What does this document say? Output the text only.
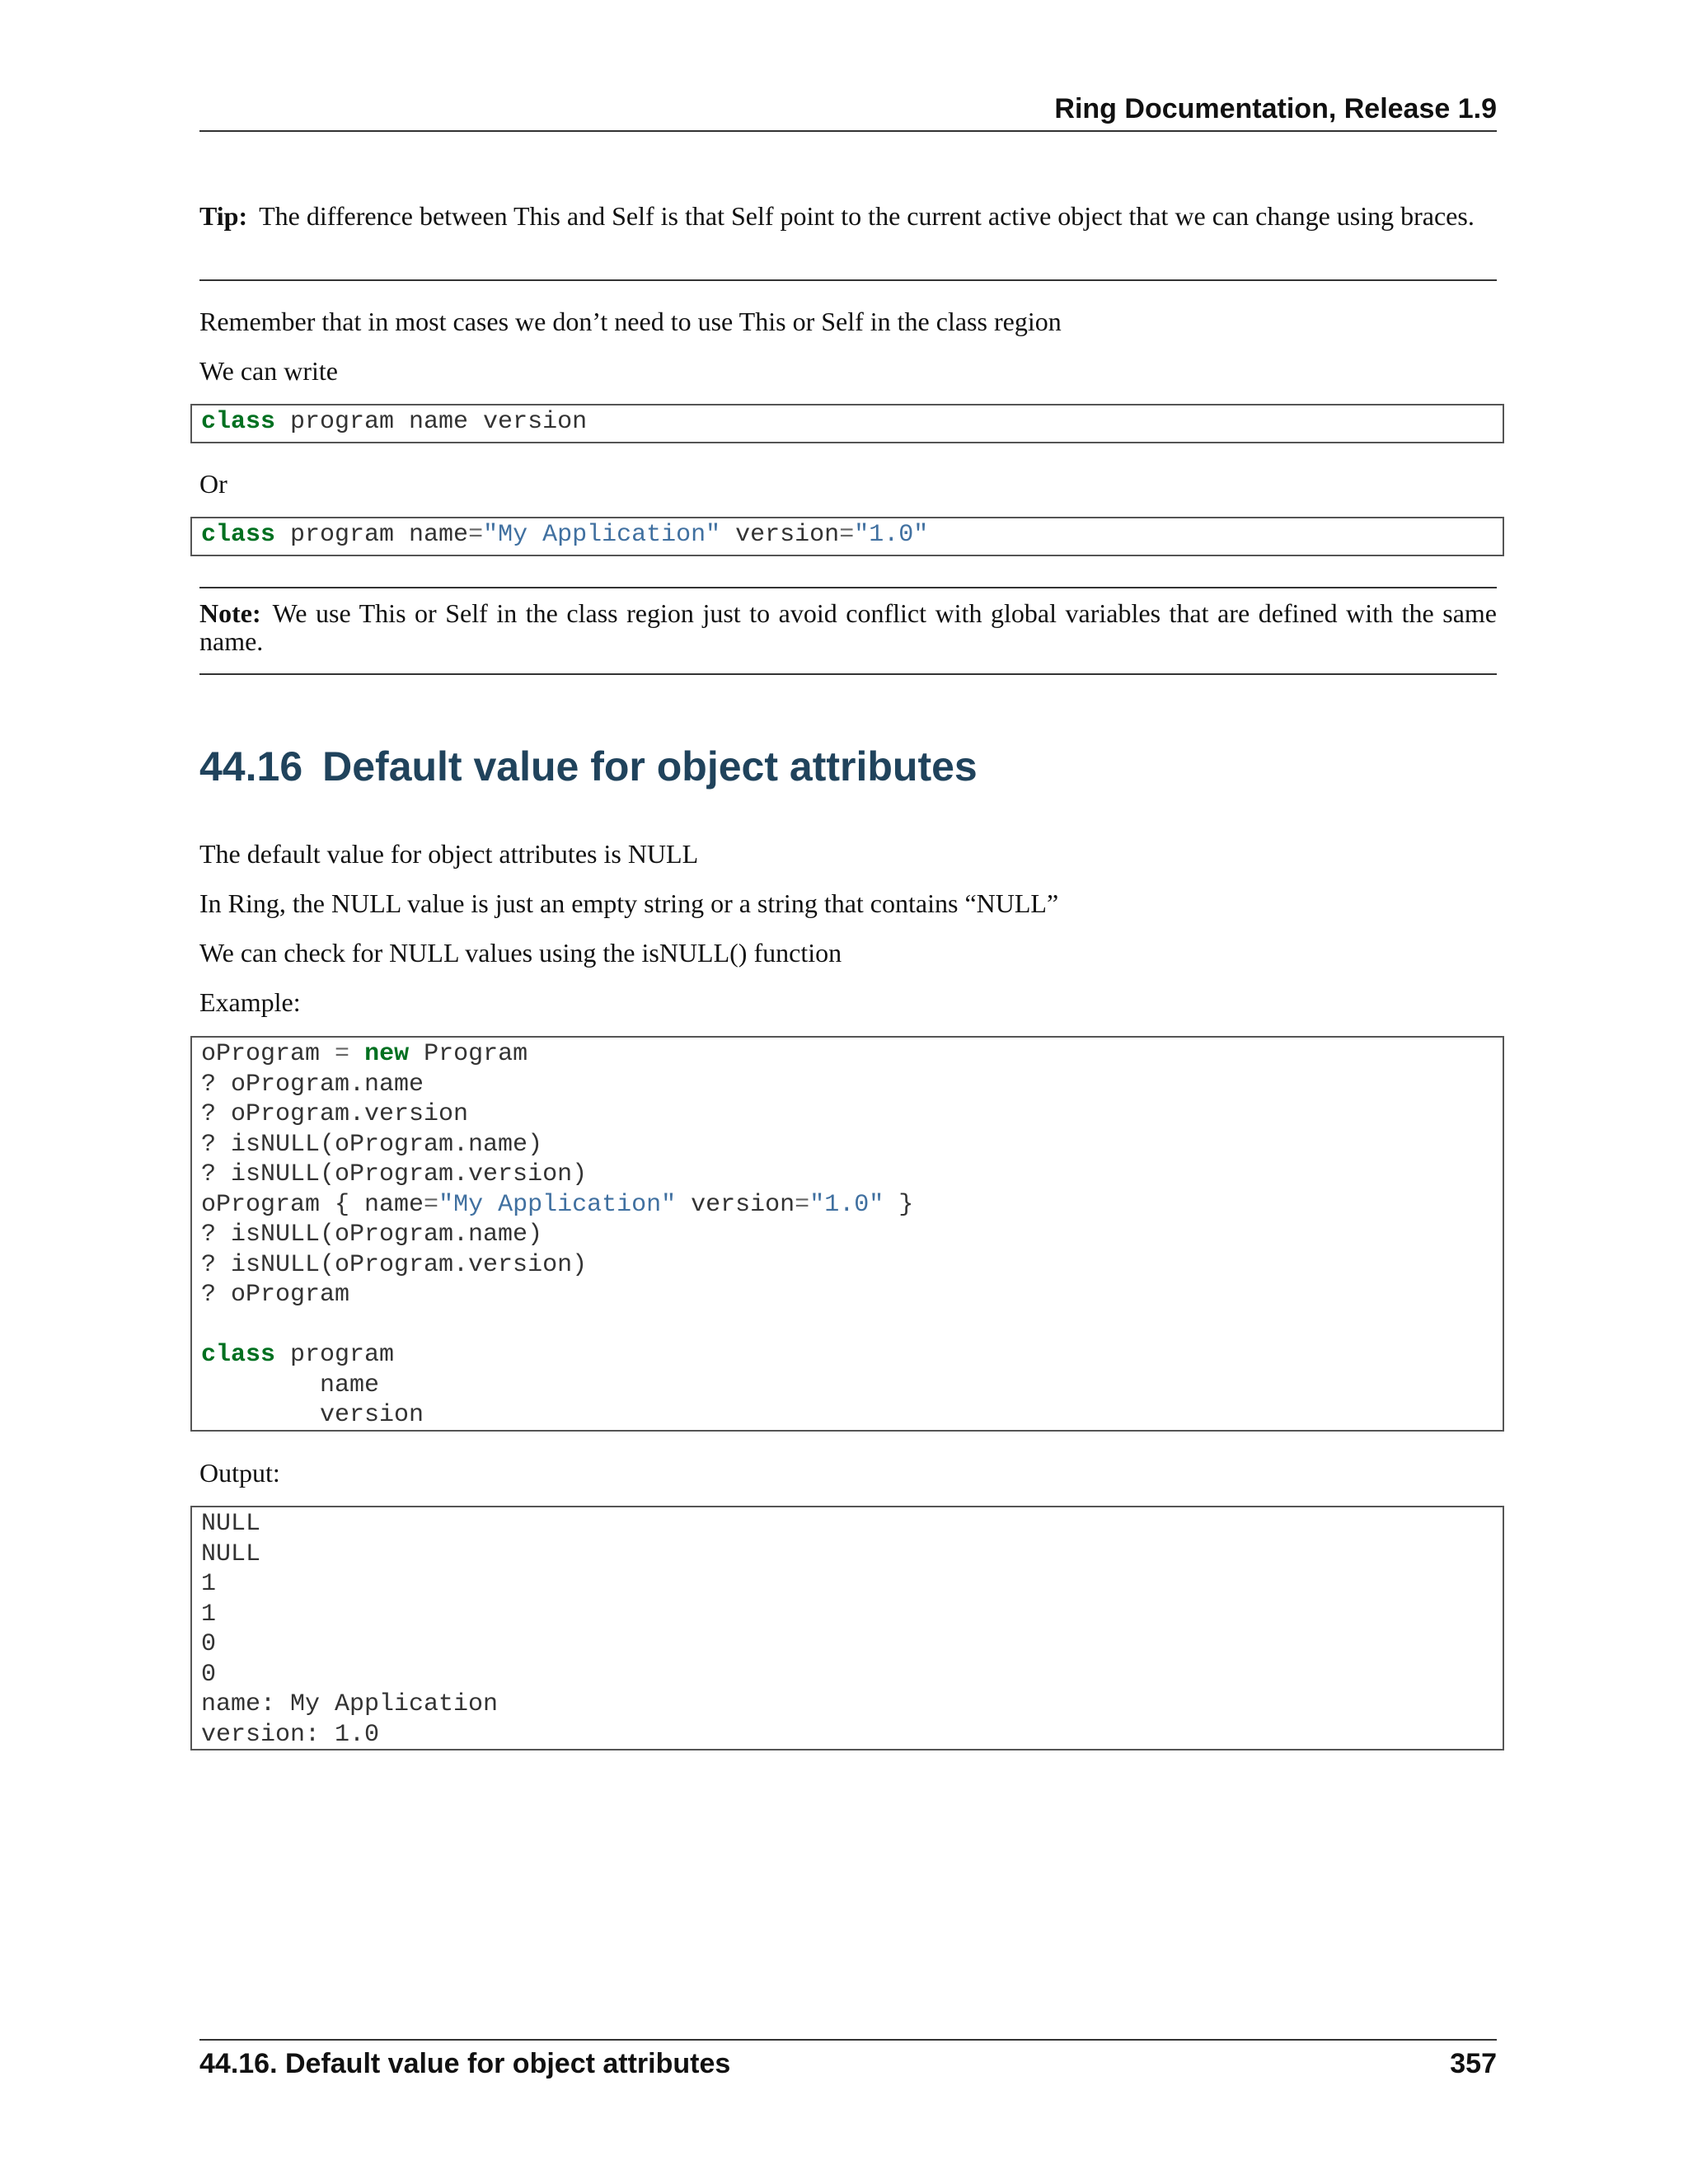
Ring Documentation, Release 1.9
Tip: The difference between This and Self is that Self point to the current active object that we can change using braces.
Remember that in most cases we don’t need to use This or Self in the class region
We can write
class program name version
Or
class program name="My Application" version="1.0"
Note: We use This or Self in the class region just to avoid conflict with global variables that are defined with the same name.
44.16 Default value for object attributes
The default value for object attributes is NULL
In Ring, the NULL value is just an empty string or a string that contains “NULL”
We can check for NULL values using the isNULL() function
Example:
oProgram = new Program
? oProgram.name
? oProgram.version
? isNULL(oProgram.name)
? isNULL(oProgram.version)
oProgram { name="My Application" version="1.0" }
? isNULL(oProgram.name)
? isNULL(oProgram.version)
? oProgram
class program
name
version
Output:
NULL
NULL
1
1
0
0
name: My Application
version: 1.0
44.16. Default value for object attributes	357
